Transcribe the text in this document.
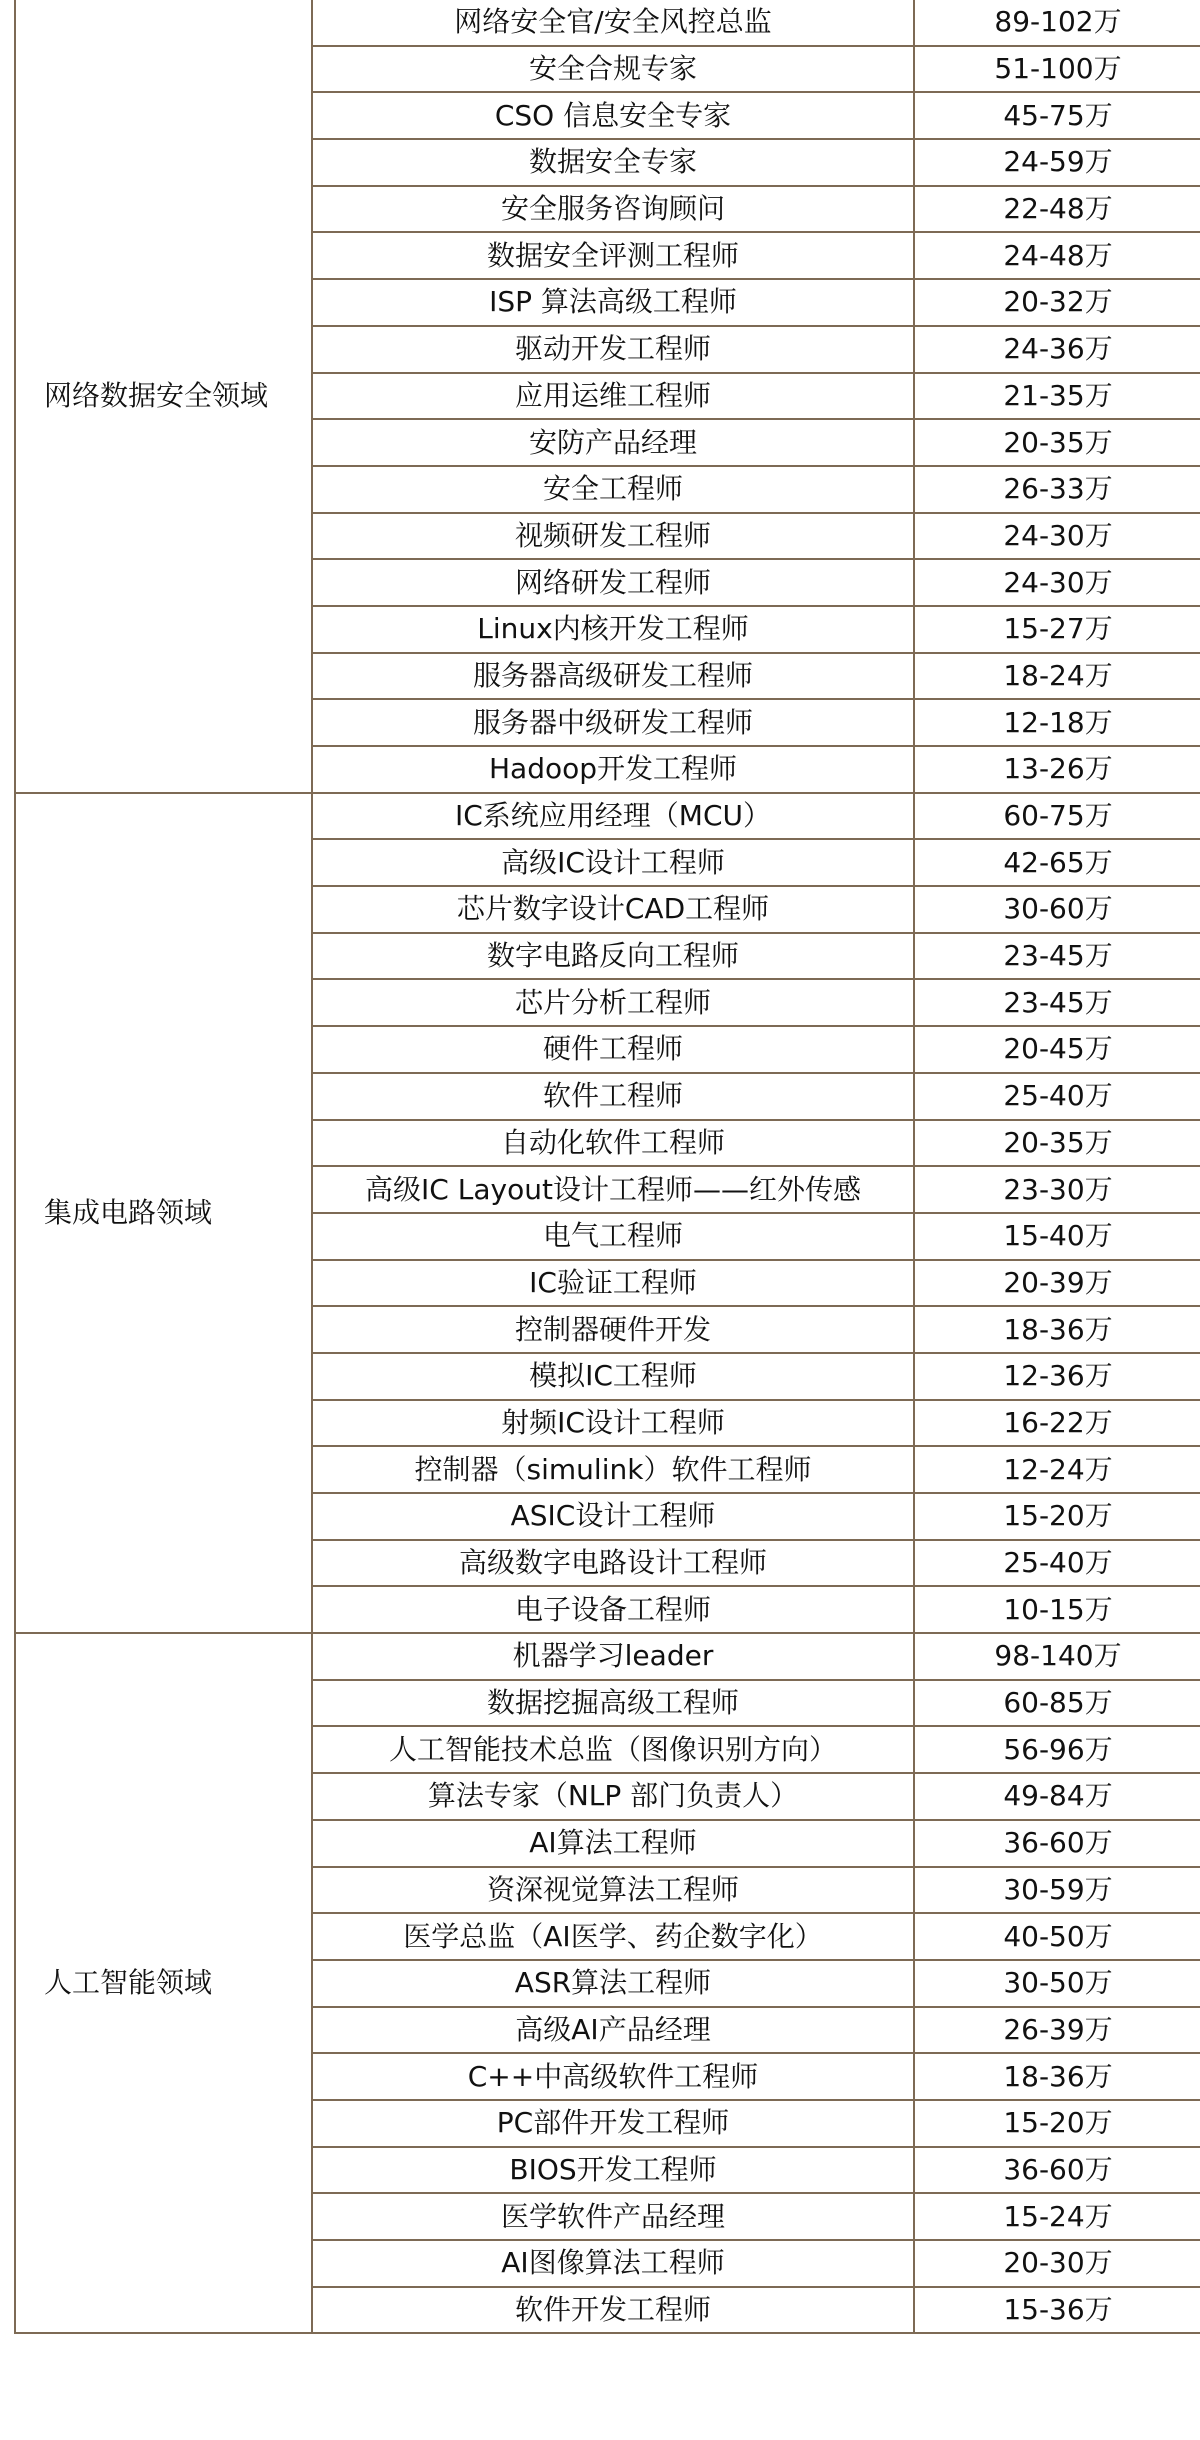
网络数据安全领域	网络安全官/安全风控总监	89-102万
	安全合规专家	51-100万
	CSO 信息安全专家	45-75万
	数据安全专家	24-59万
	安全服务咨询顾问	22-48万
	数据安全评测工程师	24-48万
	ISP 算法高级工程师	20-32万
	驱动开发工程师	24-36万
	应用运维工程师	21-35万
	安防产品经理	20-35万
	安全工程师	26-33万
	视频研发工程师	24-30万
	网络研发工程师	24-30万
	Linux内核开发工程师	15-27万
	服务器高级研发工程师	18-24万
	服务器中级研发工程师	12-18万
	Hadoop开发工程师	13-26万
集成电路领域	IC系统应用经理（MCU）	60-75万
	高级IC设计工程师	42-65万
	芯片数字设计CAD工程师	30-60万
	数字电路反向工程师	23-45万
	芯片分析工程师	23-45万
	硬件工程师	20-45万
	软件工程师	25-40万
	自动化软件工程师	20-35万
	高级IC Layout设计工程师——红外传感	23-30万
	电气工程师	15-40万
	IC验证工程师	20-39万
	控制器硬件开发	18-36万
	模拟IC工程师	12-36万
	射频IC设计工程师	16-22万
	控制器（simulink）软件工程师	12-24万
	ASIC设计工程师	15-20万
	高级数字电路设计工程师	25-40万
	电子设备工程师	10-15万
人工智能领域	机器学习leader	98-140万
	数据挖掘高级工程师	60-85万
	人工智能技术总监（图像识别方向）	56-96万
	算法专家（NLP 部门负责人）	49-84万
	AI算法工程师	36-60万
	资深视觉算法工程师	30-59万
	医学总监（AI医学、药企数字化）	40-50万
	ASR算法工程师	30-50万
	高级AI产品经理	26-39万
	C++中高级软件工程师	18-36万
	PC部件开发工程师	15-20万
	BIOS开发工程师	36-60万
	医学软件产品经理	15-24万
	AI图像算法工程师	20-30万
	软件开发工程师	15-36万
